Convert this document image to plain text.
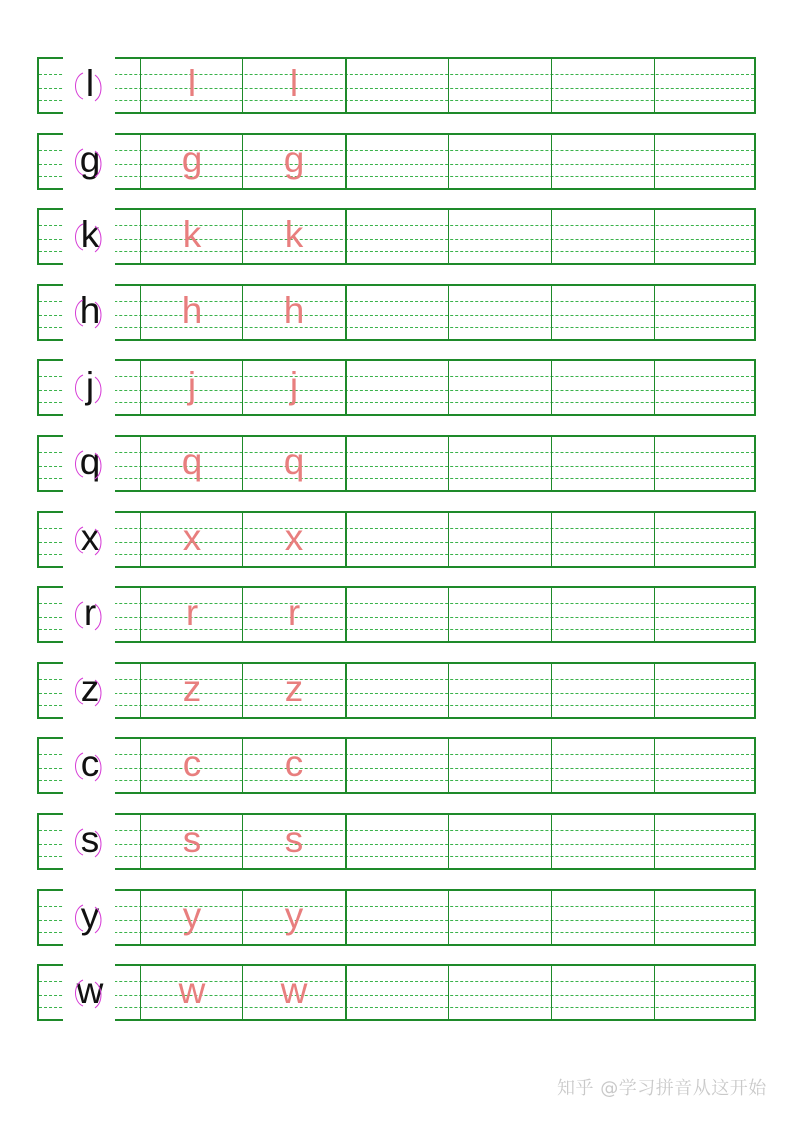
l	l	l
g	g	g
k	k	k
h	h	h
j	j	j
q	q	q
x	x	x
r	r	r
z	z	z
c	c	c
s	s	s
y	y	y
w	w	w
知乎 @学习拼音从这开始
